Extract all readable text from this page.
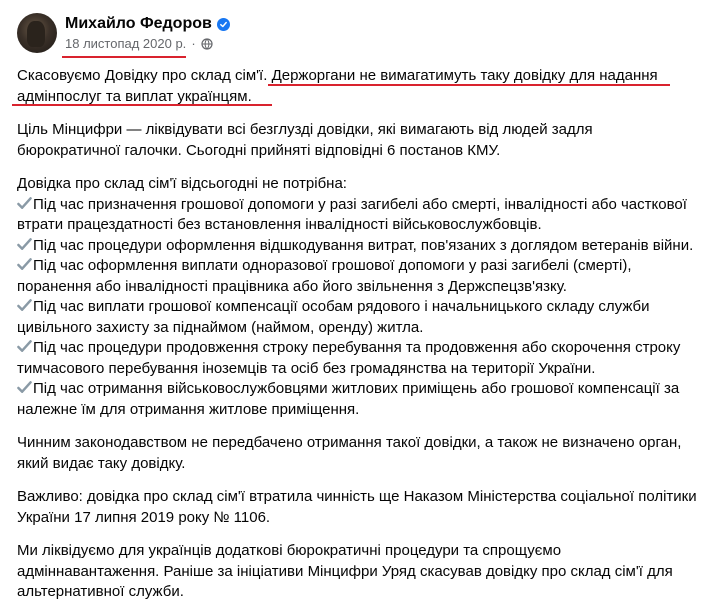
Михайло Федоров
18 листопад 2020 р. ·

Скасовуємо Довідку про склад сім'ї. Держоргани не вимагатимуть таку довідку для надання адмінпослуг та виплат українцям.

Ціль Мінцифри — ліквідувати всі безглузді довідки, які вимагають від людей задля бюрократичної галочки. Сьогодні прийняті відповідні 6 постанов КМУ.

Довідка про склад сім'ї відсьогодні не потрібна:
Під час призначення грошової допомоги у разі загибелі або смерті, інвалідності або часткової втрати працездатності без встановлення інвалідності військовослужбовців.
Під час процедури оформлення відшкодування витрат, пов'язаних з доглядом ветеранів війни.
Під час оформлення виплати одноразової грошової допомоги у разі загибелі (смерті), поранення або інвалідності працівника або його звільнення з Держспецзв'язку.
Під час виплати грошової компенсації особам рядового і начальницького складу служби цивільного захисту за піднаймом (наймом, оренду) житла.
Під час процедури продовження строку перебування та продовження або скорочення строку тимчасового перебування іноземців та осіб без громадянства на території України.
Під час отримання військовослужбовцями житлових приміщень або грошової компенсації за належне їм для отримання житлове приміщення.

Чинним законодавством не передбачено отримання такої довідки, а також не визначено орган, який видає таку довідку.

Важливо: довідка про склад сім'ї втратила чинність ще Наказом Міністерства соціальної політики України 17 липня 2019 року № 1106.

Ми ліквідуємо для українців додаткові бюрократичні процедури та спрощуємо адміннавантаження. Раніше за ініціативи Мінцифри Уряд скасував довідку про склад сім'ї для альтернативної служби.
